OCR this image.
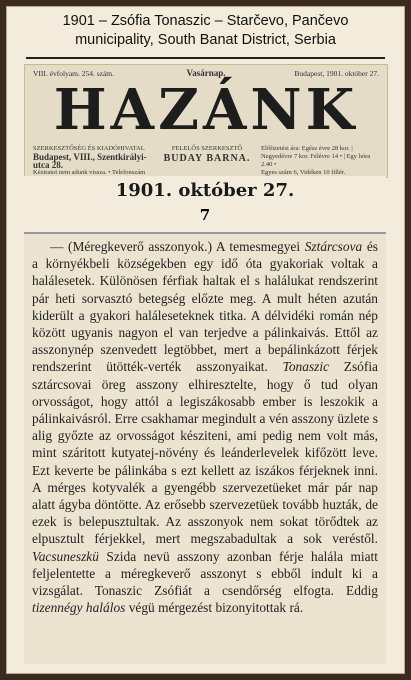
1901 – Zsófia Tonaszic – Starčevo, Pančevo
municipality, South Banat District, Serbia
VIII. évfolyam. 254. szám.	Vasárnap.	Budapest, 1901. október 27.
HAZÁNK
SZERKESZTŐSÉG ÉS KIADÓHIVATAL
Budapest, VIII., Szentkirályi-utca 28.
Kéziratot nem adunk vissza. • Telefonszám
FELELŐS SZERKESZTŐ
BUDAY BARNA.
Előfizetési ára: Egész évre 28 kor. | Negyedévre 7 kor. Félévre 14 • | Egy hóra 2.40 •
Egyes szám 6, Vidéken 10 fillér.
1901. október 27.
7

— (Méregkeverő asszonyok.) A temesmegyei Sztárcsova és a környékbeli községekben egy idő óta gyakoriak voltak a halálesetek. Különösen férfiak haltak el s halálukat rendszerint pár heti sorvasztó betegség előzte meg. A mult héten azután kiderült a gyakori haláleseteknek titka. A délvidéki román nép között ugyanis nagyon el van terjedve a pálinkaivás. Ettől az asszonynép szenvedett legtöbbet, mert a bepálinkázott férjek rendszerint ütötték-verték asszonyaikat. Tonaszic Zsófia sztárcsovai öreg asszony elhiresztelte, hogy ő tud olyan orvosságot, hogy attól a legiszákosabb ember is leszokik a pálinkaivásról. Erre csakhamar megindult a vén asszony üzlete s alig győzte az orvosságot késziteni, ami pedig nem volt más, mint száritott kutyatej-növény és leánderlevelek kifőzött leve. Ezt keverte be pálinkába s ezt kellett az iszákos férjeknek inni. A mérges kotyvalék a gyengébb szervezetüeket már pár nap alatt ágyba döntötte. Az erősebb szervezetüek tovább huzták, de ezek is belepusztultak. Az asszonyok nem sokat törődtek az elpusztult férjekkel, mert megszabadultak a sok veréstől. Vacsuneszkü Szida nevü asszony azonban férje halála miatt feljelentette a méregkeverő asszonyt s ebből indult ki a vizsgálat. Tonaszic Zsófiát a csendőrség elfogta. Eddig tizennégy halálos végü mérgezést bizonyitottak rá.
